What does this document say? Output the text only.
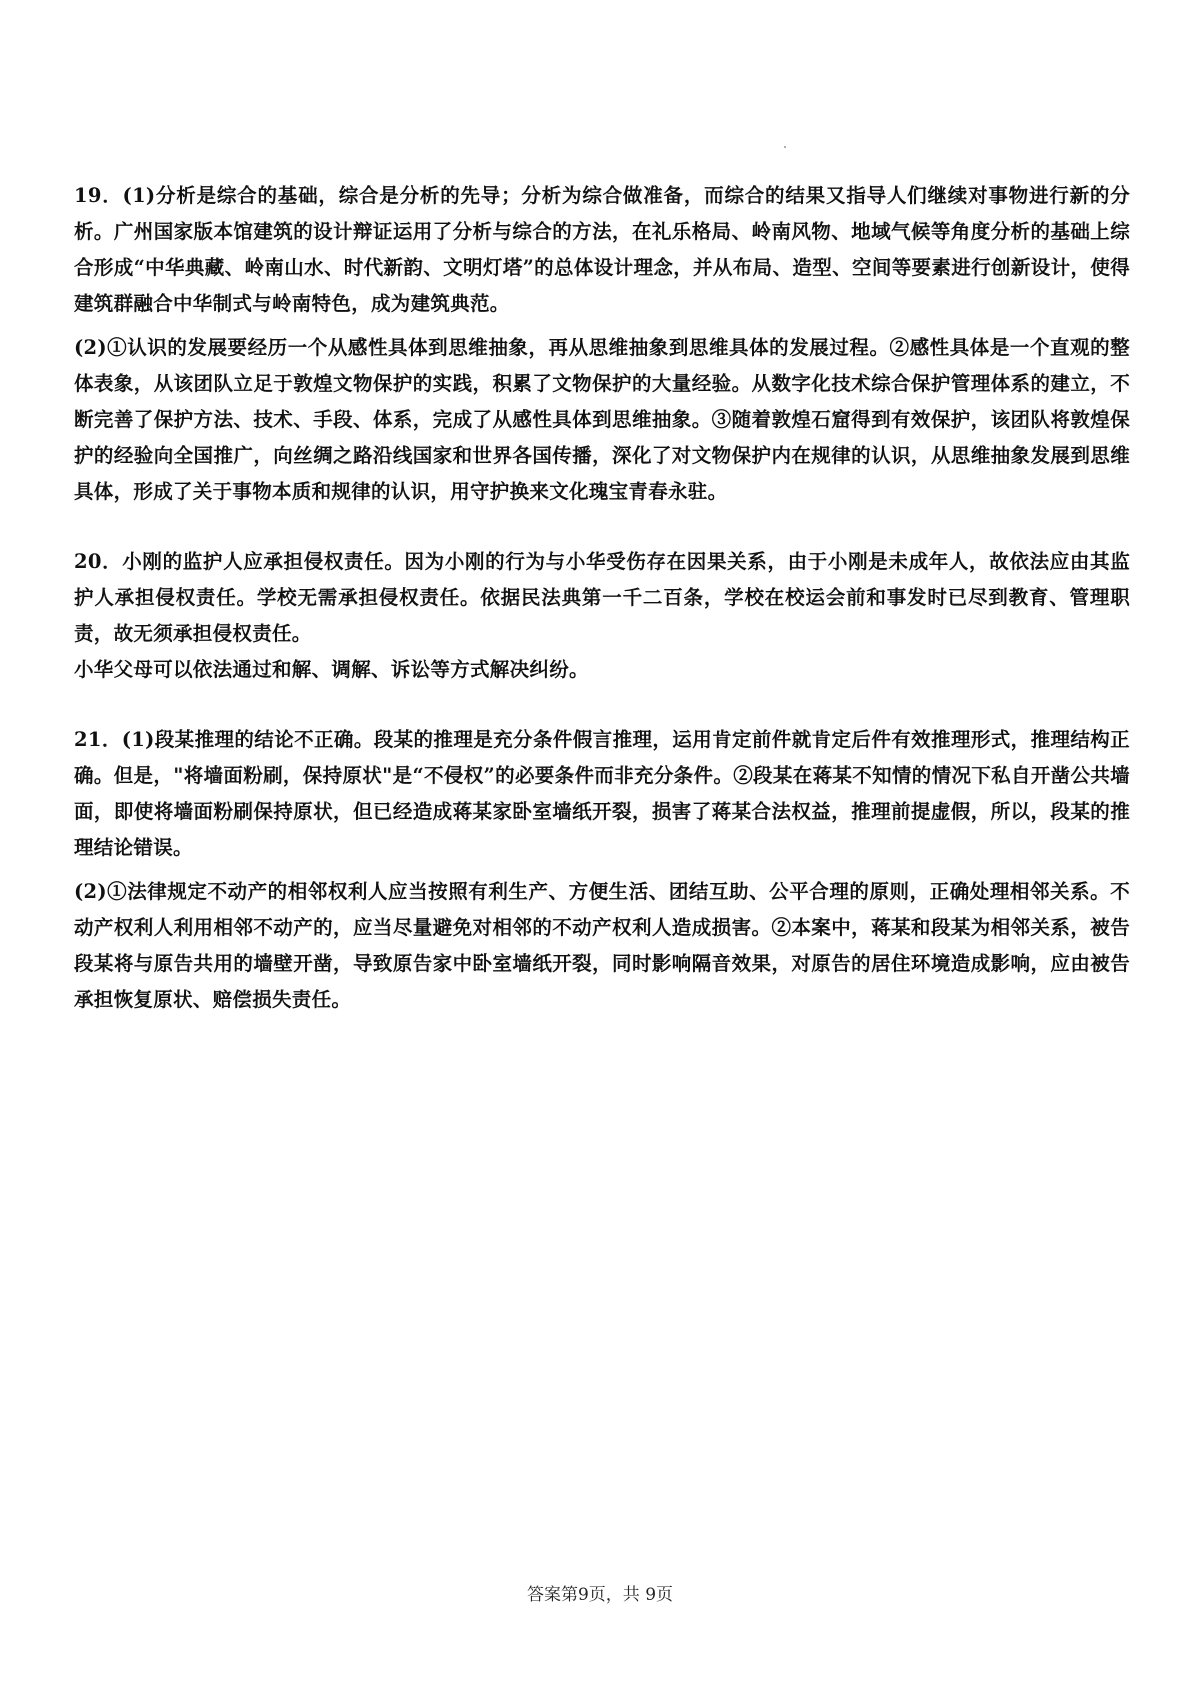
19．(1)分析是综合的基础，综合是分析的先导；分析为综合做准备，而综合的结果又指导人们继续对事物进行新的分析。广州国家版本馆建筑的设计辩证运用了分析与综合的方法，在礼乐格局、岭南风物、地域气候等角度分析的基础上综合形成“中华典藏、岭南山水、时代新韵、文明灯塔”的总体设计理念，并从布局、造型、空间等要素进行创新设计，使得建筑群融合中华制式与岭南特色，成为建筑典范。

(2)①认识的发展要经历一个从感性具体到思维抽象，再从思维抽象到思维具体的发展过程。②感性具体是一个直观的整体表象，从该团队立足于敦煌文物保护的实践，积累了文物保护的大量经验。从数字化技术综合保护管理体系的建立，不断完善了保护方法、技术、手段、体系，完成了从感性具体到思维抽象。③随着敦煌石窟得到有效保护，该团队将敦煌保护的经验向全国推广，向丝绸之路沿线国家和世界各国传播，深化了对文物保护内在规律的认识，从思维抽象发展到思维具体，形成了关于事物本质和规律的认识，用守护换来文化瑰宝青春永驻。

20．小刚的监护人应承担侵权责任。因为小刚的行为与小华受伤存在因果关系，由于小刚是未成年人，故依法应由其监护人承担侵权责任。学校无需承担侵权责任。依据民法典第一千二百条，学校在校运会前和事发时已尽到教育、管理职责，故无须承担侵权责任。

小华父母可以依法通过和解、调解、诉讼等方式解决纠纷。

21．(1)段某推理的结论不正确。段某的推理是充分条件假言推理，运用肯定前件就肯定后件有效推理形式，推理结构正确。但是，"将墙面粉刷，保持原状"是“不侵权”的必要条件而非充分条件。②段某在蒋某不知情的情况下私自开凿公共墙面，即使将墙面粉刷保持原状，但已经造成蒋某家卧室墙纸开裂，损害了蒋某合法权益，推理前提虚假，所以，段某的推理结论错误。

(2)①法律规定不动产的相邻权利人应当按照有利生产、方便生活、团结互助、公平合理的原则，正确处理相邻关系。不动产权利人利用相邻不动产的，应当尽量避免对相邻的不动产权利人造成损害。②本案中，蒋某和段某为相邻关系，被告段某将与原告共用的墙壁开凿，导致原告家中卧室墙纸开裂，同时影响隔音效果，对原告的居住环境造成影响，应由被告承担恢复原状、赔偿损失责任。

答案第9页，共 9页
